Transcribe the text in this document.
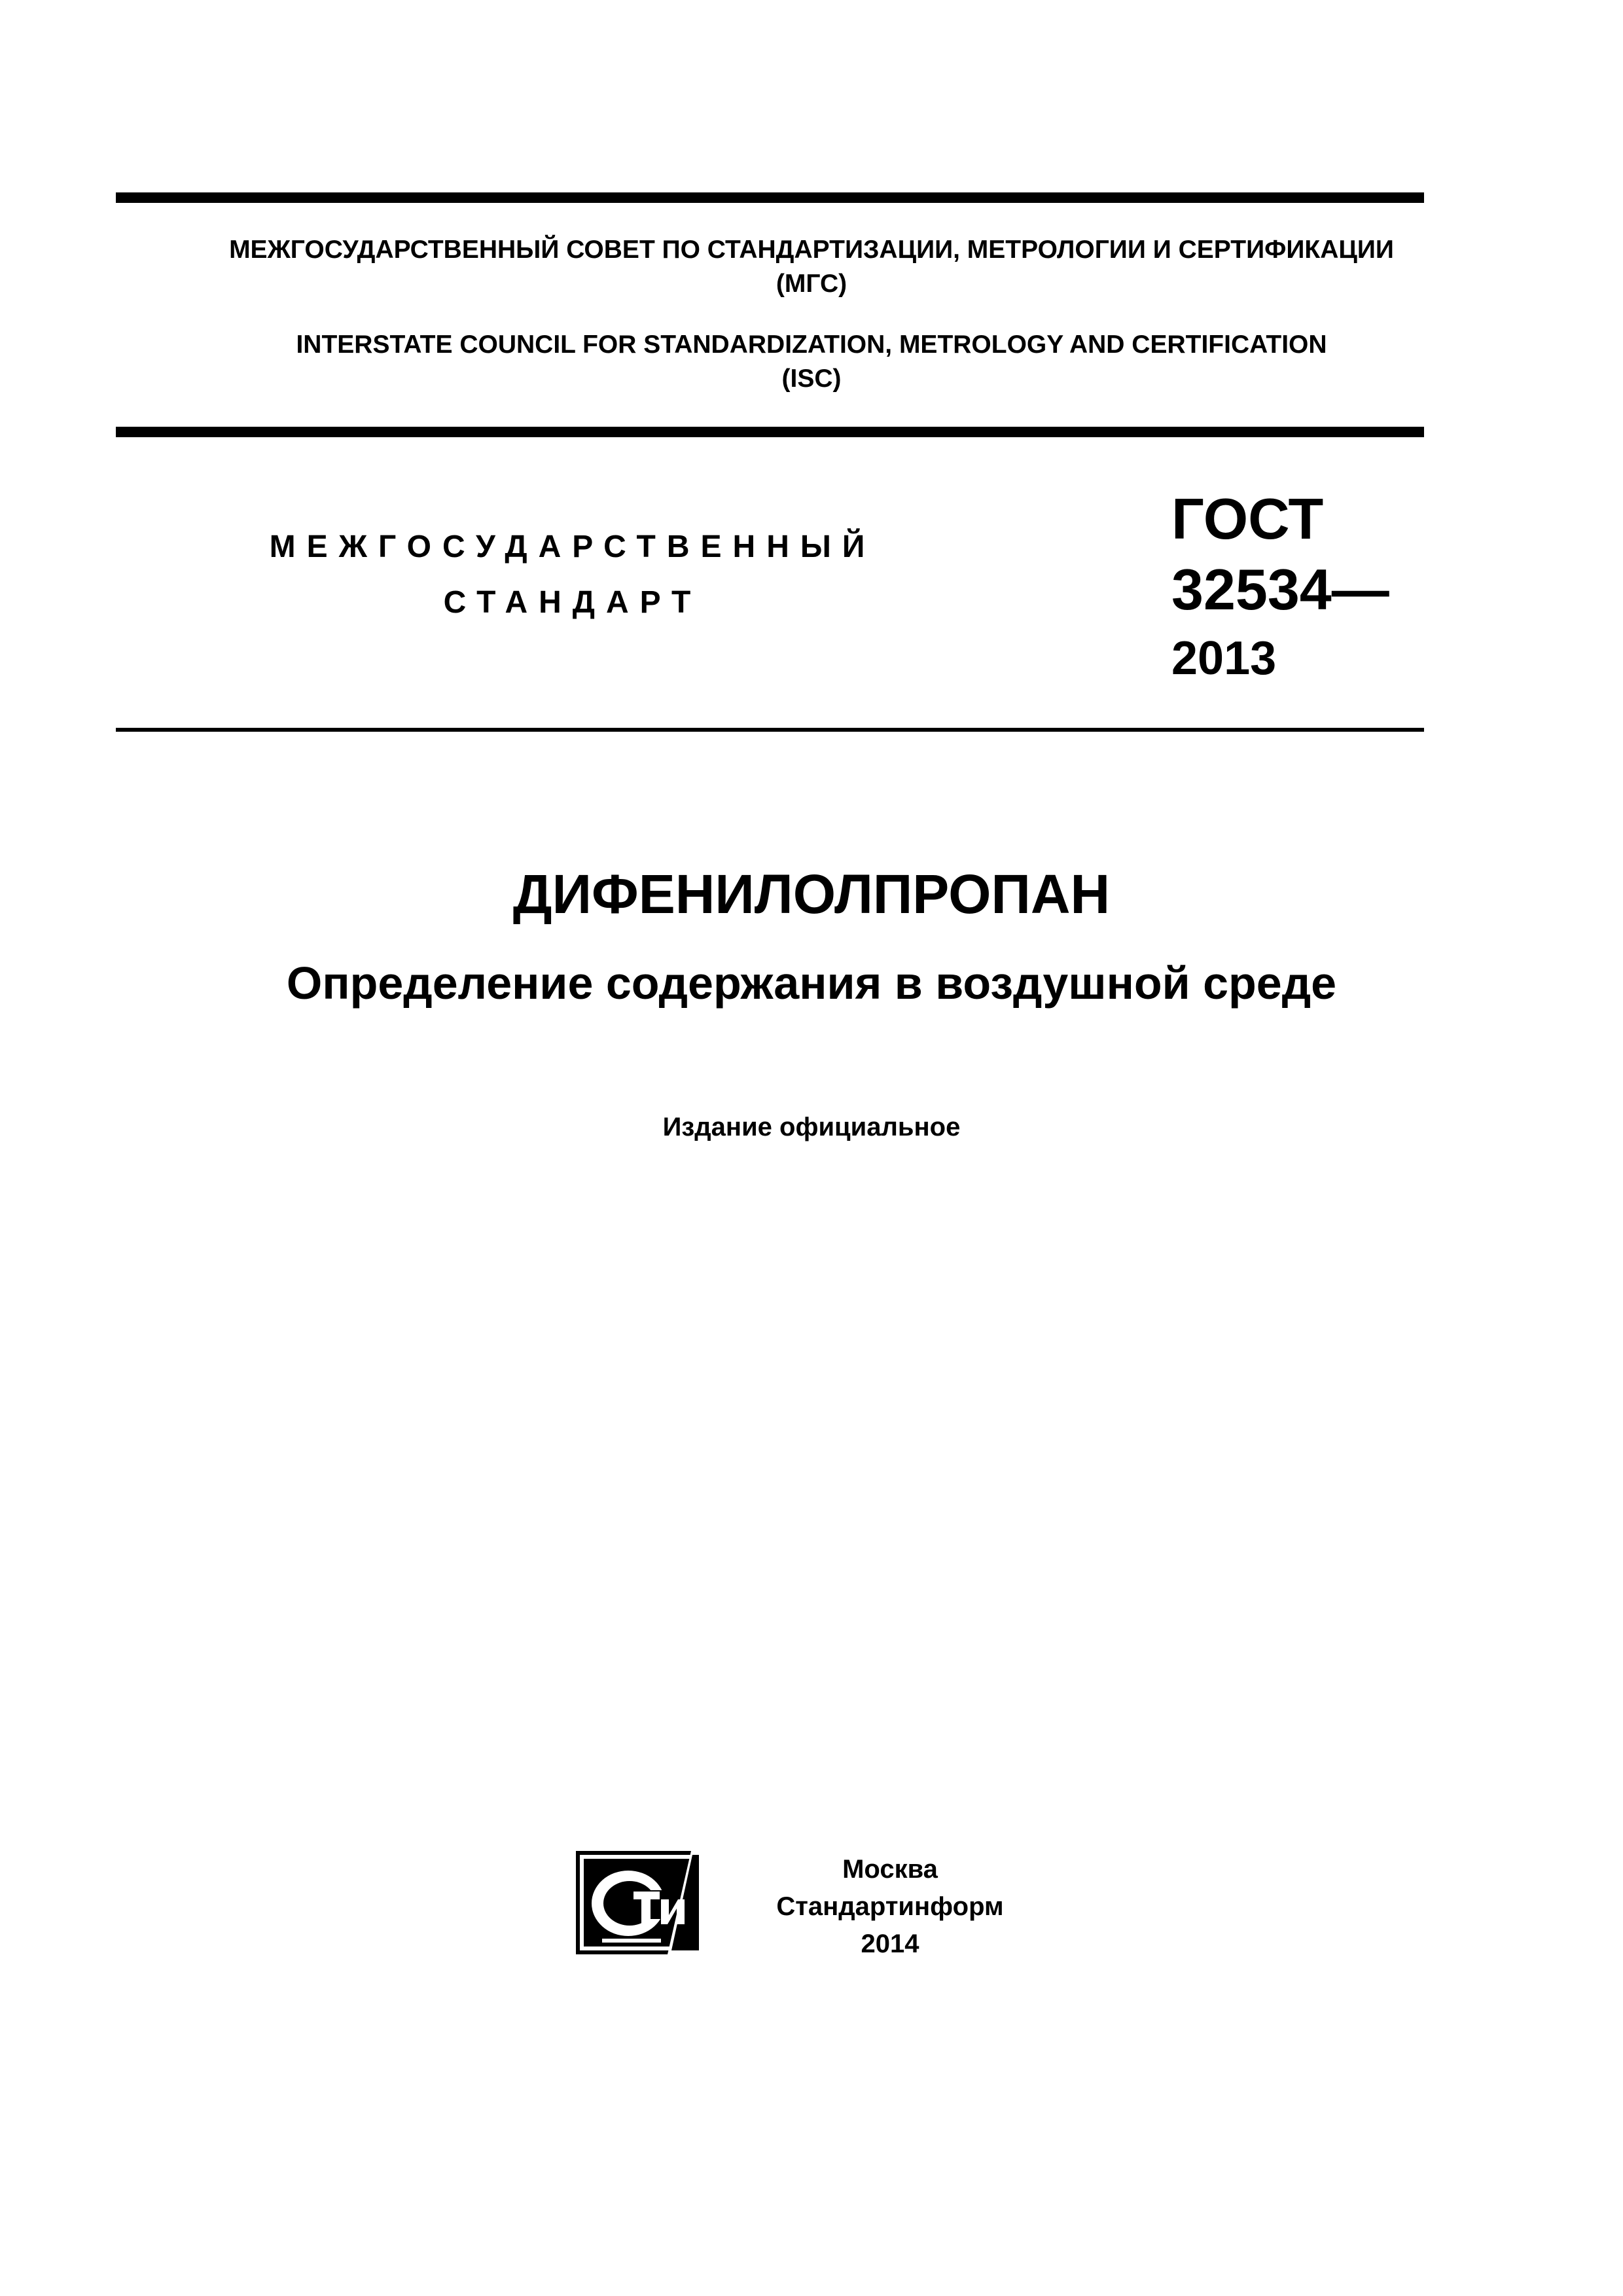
МЕЖГОСУДАРСТВЕННЫЙ СОВЕТ ПО СТАНДАРТИЗАЦИИ, МЕТРОЛОГИИ И СЕРТИФИКАЦИИ
(МГС)
INTERSTATE COUNCIL FOR STANDARDIZATION, METROLOGY AND CERTIFICATION
(ISC)
МЕЖГОСУДАРСТВЕННЫЙ
СТАНДАРТ
ГОСТ
32534—
2013
ДИФЕНИЛОЛПРОПАН
Определение содержания в воздушной среде
Издание официальное
Москва
Стандартинформ
2014
